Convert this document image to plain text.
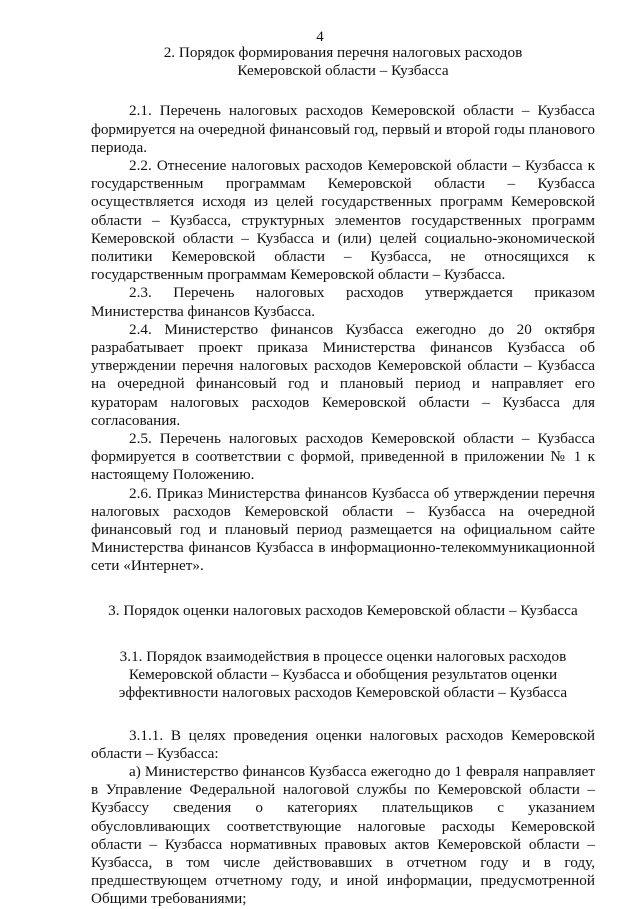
4
2. Порядок формирования перечня налоговых расходов
Кемеровской области – Кузбасса

2.1. Перечень налоговых расходов Кемеровской области – Кузбасса формируется на очередной финансовый год, первый и второй годы планового периода.

2.2. Отнесение налоговых расходов Кемеровской области – Кузбасса к государственным программам Кемеровской области – Кузбасса осуществляется исходя из целей государственных программ Кемеровской области – Кузбасса, структурных элементов государственных программ Кемеровской области – Кузбасса и (или) целей социально-экономической политики Кемеровской области – Кузбасса, не относящихся к государственным программам Кемеровской области – Кузбасса.

2.3. Перечень налоговых расходов утверждается приказом Министерства финансов Кузбасса.

2.4. Министерство финансов Кузбасса ежегодно до 20 октября разрабатывает проект приказа Министерства финансов Кузбасса об утверждении перечня налоговых расходов Кемеровской области – Кузбасса на очередной финансовый год и плановый период и направляет его кураторам налоговых расходов Кемеровской области – Кузбасса для согласования.

2.5. Перечень налоговых расходов Кемеровской области – Кузбасса формируется в соответствии с формой, приведенной в приложении № 1 к настоящему Положению.

2.6. Приказ Министерства финансов Кузбасса об утверждении перечня налоговых расходов Кемеровской области – Кузбасса на очередной финансовый год и плановый период размещается на официальном сайте Министерства финансов Кузбасса в информационно-телекоммуникационной сети «Интернет».

3. Порядок оценки налоговых расходов Кемеровской области – Кузбасса
3.1. Порядок взаимодействия в процессе оценки налоговых расходов Кемеровской области – Кузбасса и обобщения результатов оценки эффективности налоговых расходов Кемеровской области – Кузбасса

3.1.1. В целях проведения оценки налоговых расходов Кемеровской области – Кузбасса:

а) Министерство финансов Кузбасса ежегодно до 1 февраля направляет в Управление Федеральной налоговой службы по Кемеровской области – Кузбассу сведения о категориях плательщиков с указанием обусловливающих соответствующие налоговые расходы Кемеровской области – Кузбасса нормативных правовых актов Кемеровской области – Кузбасса, в том числе действовавших в отчетном году и в году, предшествующем отчетному году, и иной информации, предусмотренной Общими требованиями;
